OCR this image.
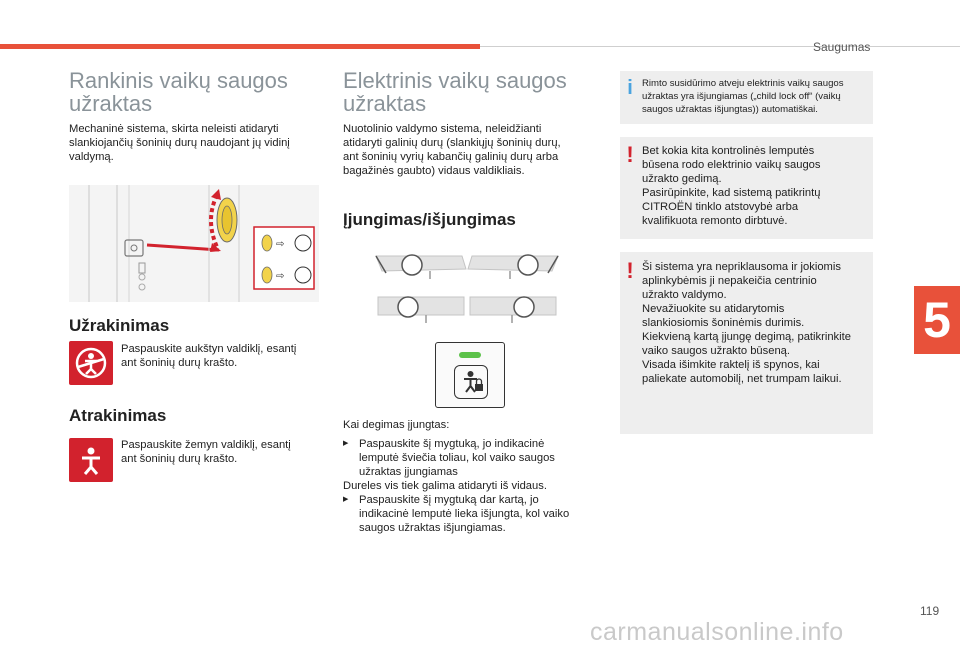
Saugumas
Rankinis vaikų saugos
užraktas
Mechaninė sistema, skirta neleisti atidaryti
slankiojančių šoninių durų naudojant jų vidinį
valdymą.
⇨
⇨
Užrakinimas
Paspauskite aukštyn valdiklį, esantį
ant šoninių durų krašto.
Atrakinimas
Paspauskite žemyn valdiklį, esantį
ant šoninių durų krašto.
Elektrinis vaikų saugos
užraktas
Nuotolinio valdymo sistema, neleidžianti
atidaryti galinių durų (slankiųjų šoninių durų,
ant šoninių vyrių kabančių galinių durų arba
bagažinės gaubto) vidaus valdikliais.
Įjungimas/išjungimas
Kai degimas įjungtas:
▶ Paspauskite šį mygtuką, jo indikacinė
lemputė šviečia toliau, kol vaiko saugos
užraktas įjungiamas
Dureles vis tiek galima atidaryti iš vidaus.
▶ Paspauskite šį mygtuką dar kartą, jo
indikacinė lemputė lieka išjungta, kol vaiko
saugos užraktas išjungiamas.
i Rimto susidūrimo atveju elektrinis vaikų saugos
užraktas yra išjungiamas („child lock off“ (vaikų
saugos užraktas išjungtas)) automatiškai.
! Bet kokia kita kontrolinės lemputės
būsena rodo elektrinio vaikų saugos
užrakto gedimą.
Pasirūpinkite, kad sistemą patikrintų
CITROËN tinklo atstovybė arba
kvalifikuota remonto dirbtuvė.
! Ši sistema yra nepriklausoma ir jokiomis
aplinkybėmis ji nepakeičia centrinio
užrakto valdymo.
Nevažiuokite su atidarytomis
slankiosiomis šoninėmis durimis.
Kiekvieną kartą įjungę degimą, patikrinkite
vaiko saugos užrakto būseną.
Visada išimkite raktelį iš spynos, kai
paliekate automobilį, net trumpam laikui.
5
119
carmanualsonline.info
